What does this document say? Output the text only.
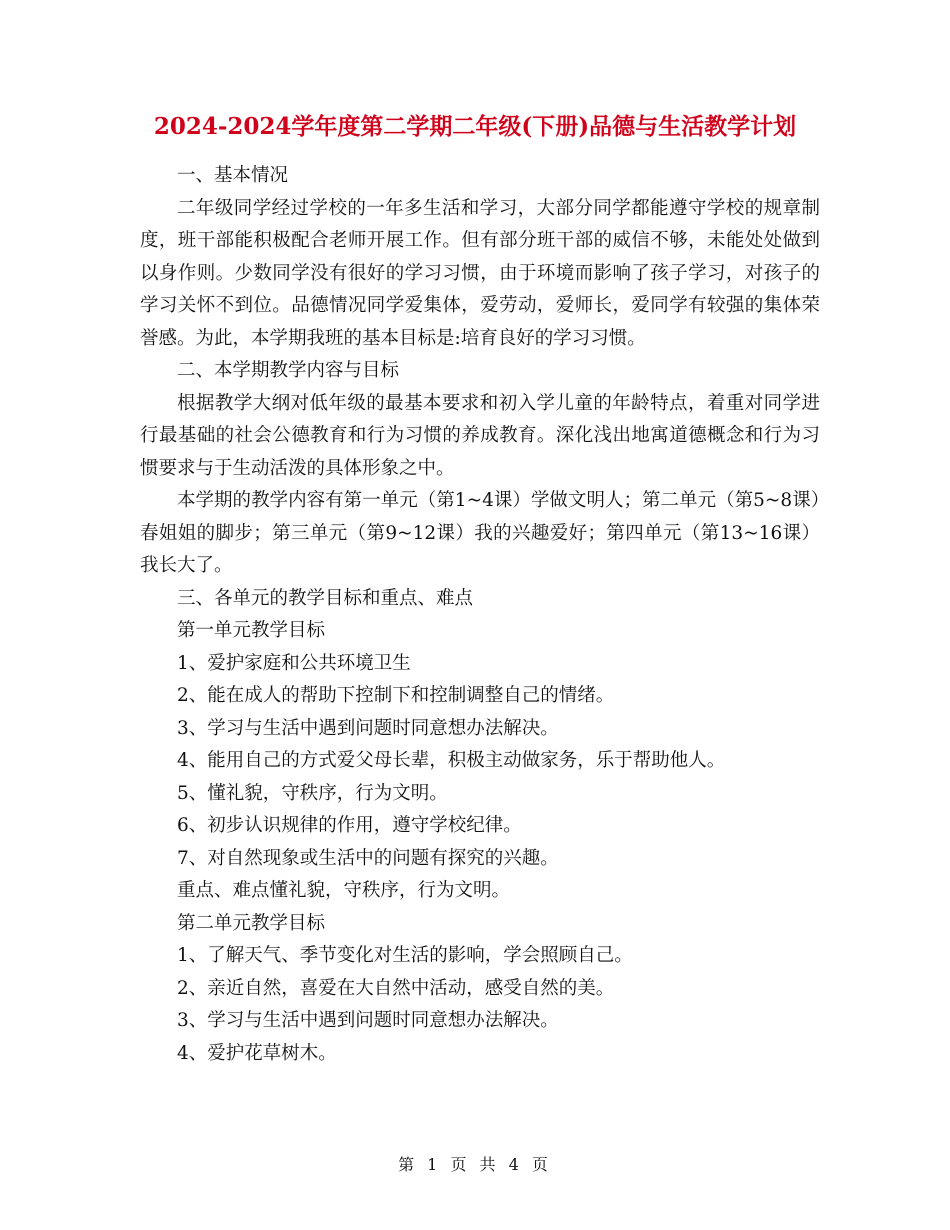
2024-2024学年度第二学期二年级(下册)品德与生活教学计划

一、基本情况

二年级同学经过学校的一年多生活和学习，大部分同学都能遵守学校的规章制度，班干部能积极配合老师开展工作。但有部分班干部的威信不够，未能处处做到以身作则。少数同学没有很好的学习习惯，由于环境而影响了孩子学习，对孩子的学习关怀不到位。品德情况同学爱集体，爱劳动，爱师长，爱同学有较强的集体荣誉感。为此，本学期我班的基本目标是:培育良好的学习习惯。

二、本学期教学内容与目标

根据教学大纲对低年级的最基本要求和初入学儿童的年龄特点，着重对同学进行最基础的社会公德教育和行为习惯的养成教育。深化浅出地寓道德概念和行为习惯要求与于生动活泼的具体形象之中。

本学期的教学内容有第一单元（第1~4课）学做文明人；第二单元（第5~8课）春姐姐的脚步；第三单元（第9~12课）我的兴趣爱好；第四单元（第13~16课）我长大了。

三、各单元的教学目标和重点、难点

第一单元教学目标

1、爱护家庭和公共环境卫生

2、能在成人的帮助下控制下和控制调整自己的情绪。

3、学习与生活中遇到问题时同意想办法解决。

4、能用自己的方式爱父母长辈，积极主动做家务，乐于帮助他人。

5、懂礼貌，守秩序，行为文明。

6、初步认识规律的作用，遵守学校纪律。

7、对自然现象或生活中的问题有探究的兴趣。

重点、难点懂礼貌，守秩序，行为文明。

第二单元教学目标

1、了解天气、季节变化对生活的影响，学会照顾自己。

2、亲近自然，喜爱在大自然中活动，感受自然的美。

3、学习与生活中遇到问题时同意想办法解决。

4、爱护花草树木。

第 1 页 共 4 页
